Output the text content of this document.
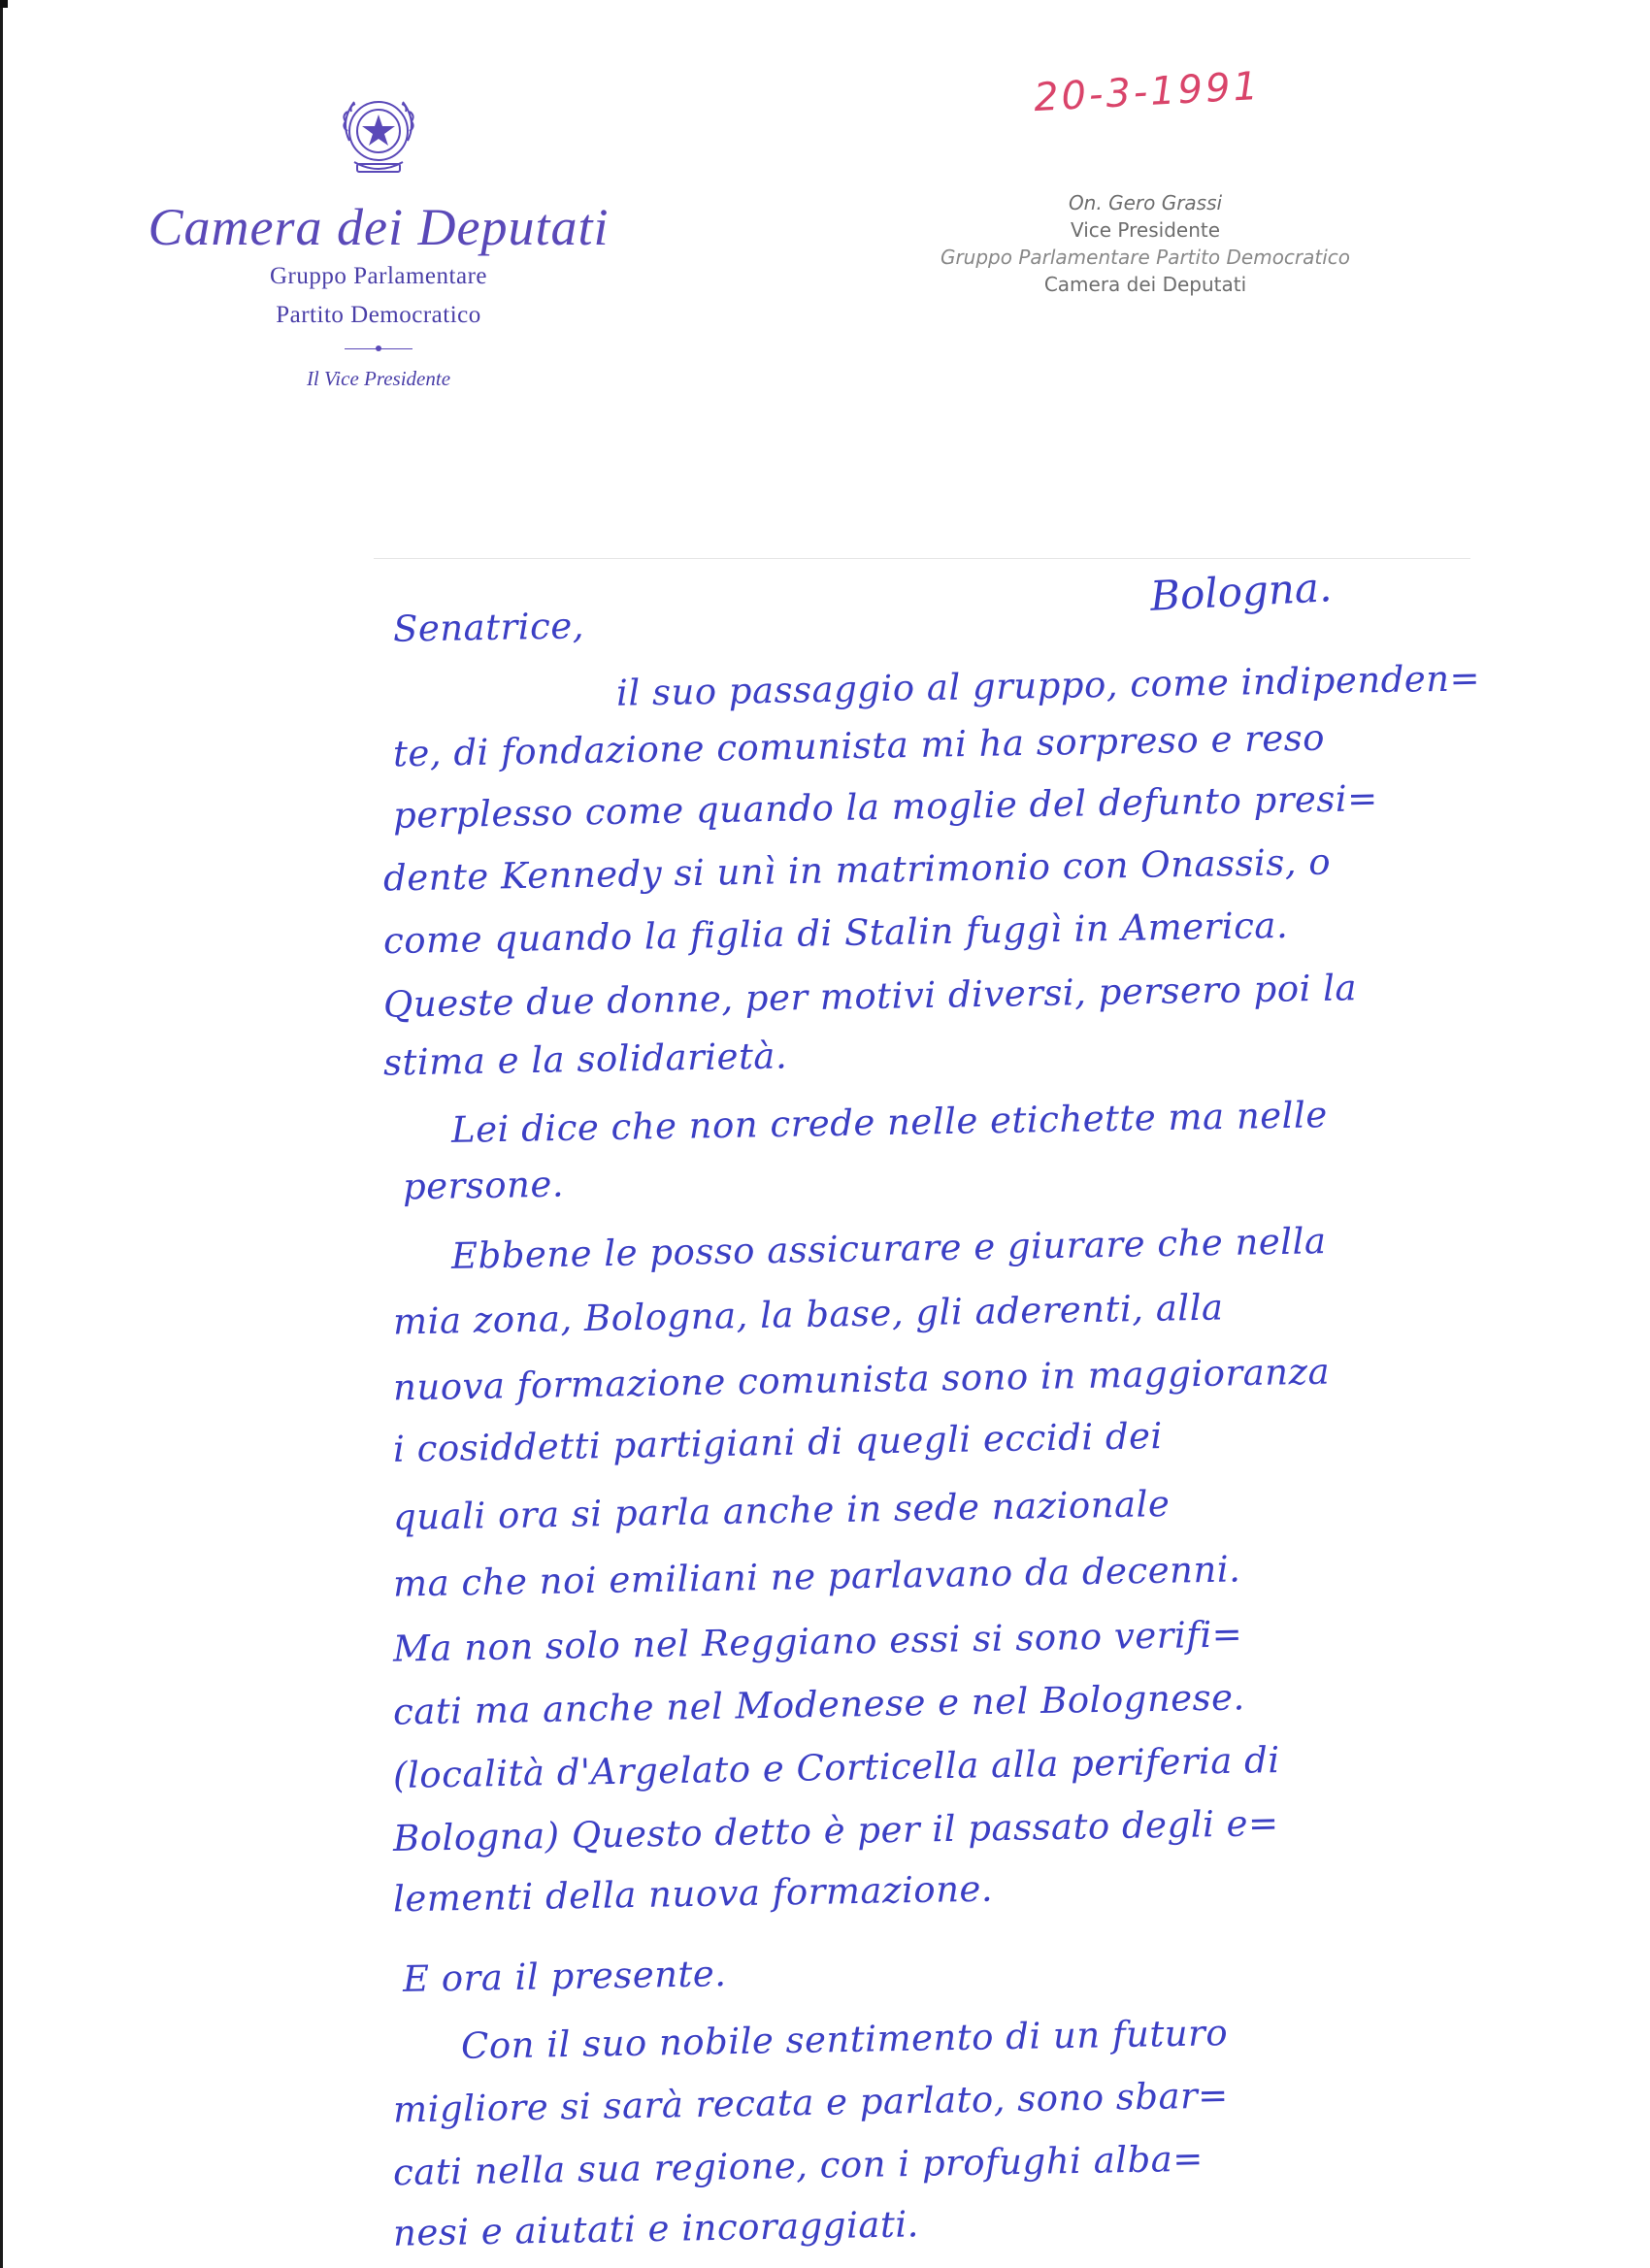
Camera dei Deputati
Gruppo Parlamentare
Partito Democratico
Il Vice Presidente
20-3-1991
On. Gero Grassi
Vice Presidente
Gruppo Parlamentare Partito Democratico
Camera dei Deputati
Bologna.
Senatrice,
il suo passaggio al gruppo, come indipenden=
te, di fondazione comunista mi ha sorpreso e reso
perplesso come quando la moglie del defunto presi=
dente Kennedy si unì in matrimonio con Onassis, o
come quando la figlia di Stalin fuggì in America.
Queste due donne, per motivi diversi, persero poi la
stima e la solidarietà.
Lei dice che non crede nelle etichette ma nelle
persone.
Ebbene le posso assicurare e giurare che nella
mia zona, Bologna, la base, gli aderenti, alla
nuova formazione comunista sono in maggioranza
i cosiddetti partigiani di quegli eccidi dei
quali ora si parla anche in sede nazionale
ma che noi emiliani ne parlavano da decenni.
Ma non solo nel Reggiano essi si sono verifi=
cati ma anche nel Modenese e nel Bolognese.
(località d'Argelato e Corticella alla periferia di
Bologna) Questo detto è per il passato degli e=
lementi della nuova formazione.
E ora il presente.
Con il suo nobile sentimento di un futuro
migliore si sarà recata e parlato, sono sbar=
cati nella sua regione, con i profughi alba=
nesi e aiutati e incoraggiati.
